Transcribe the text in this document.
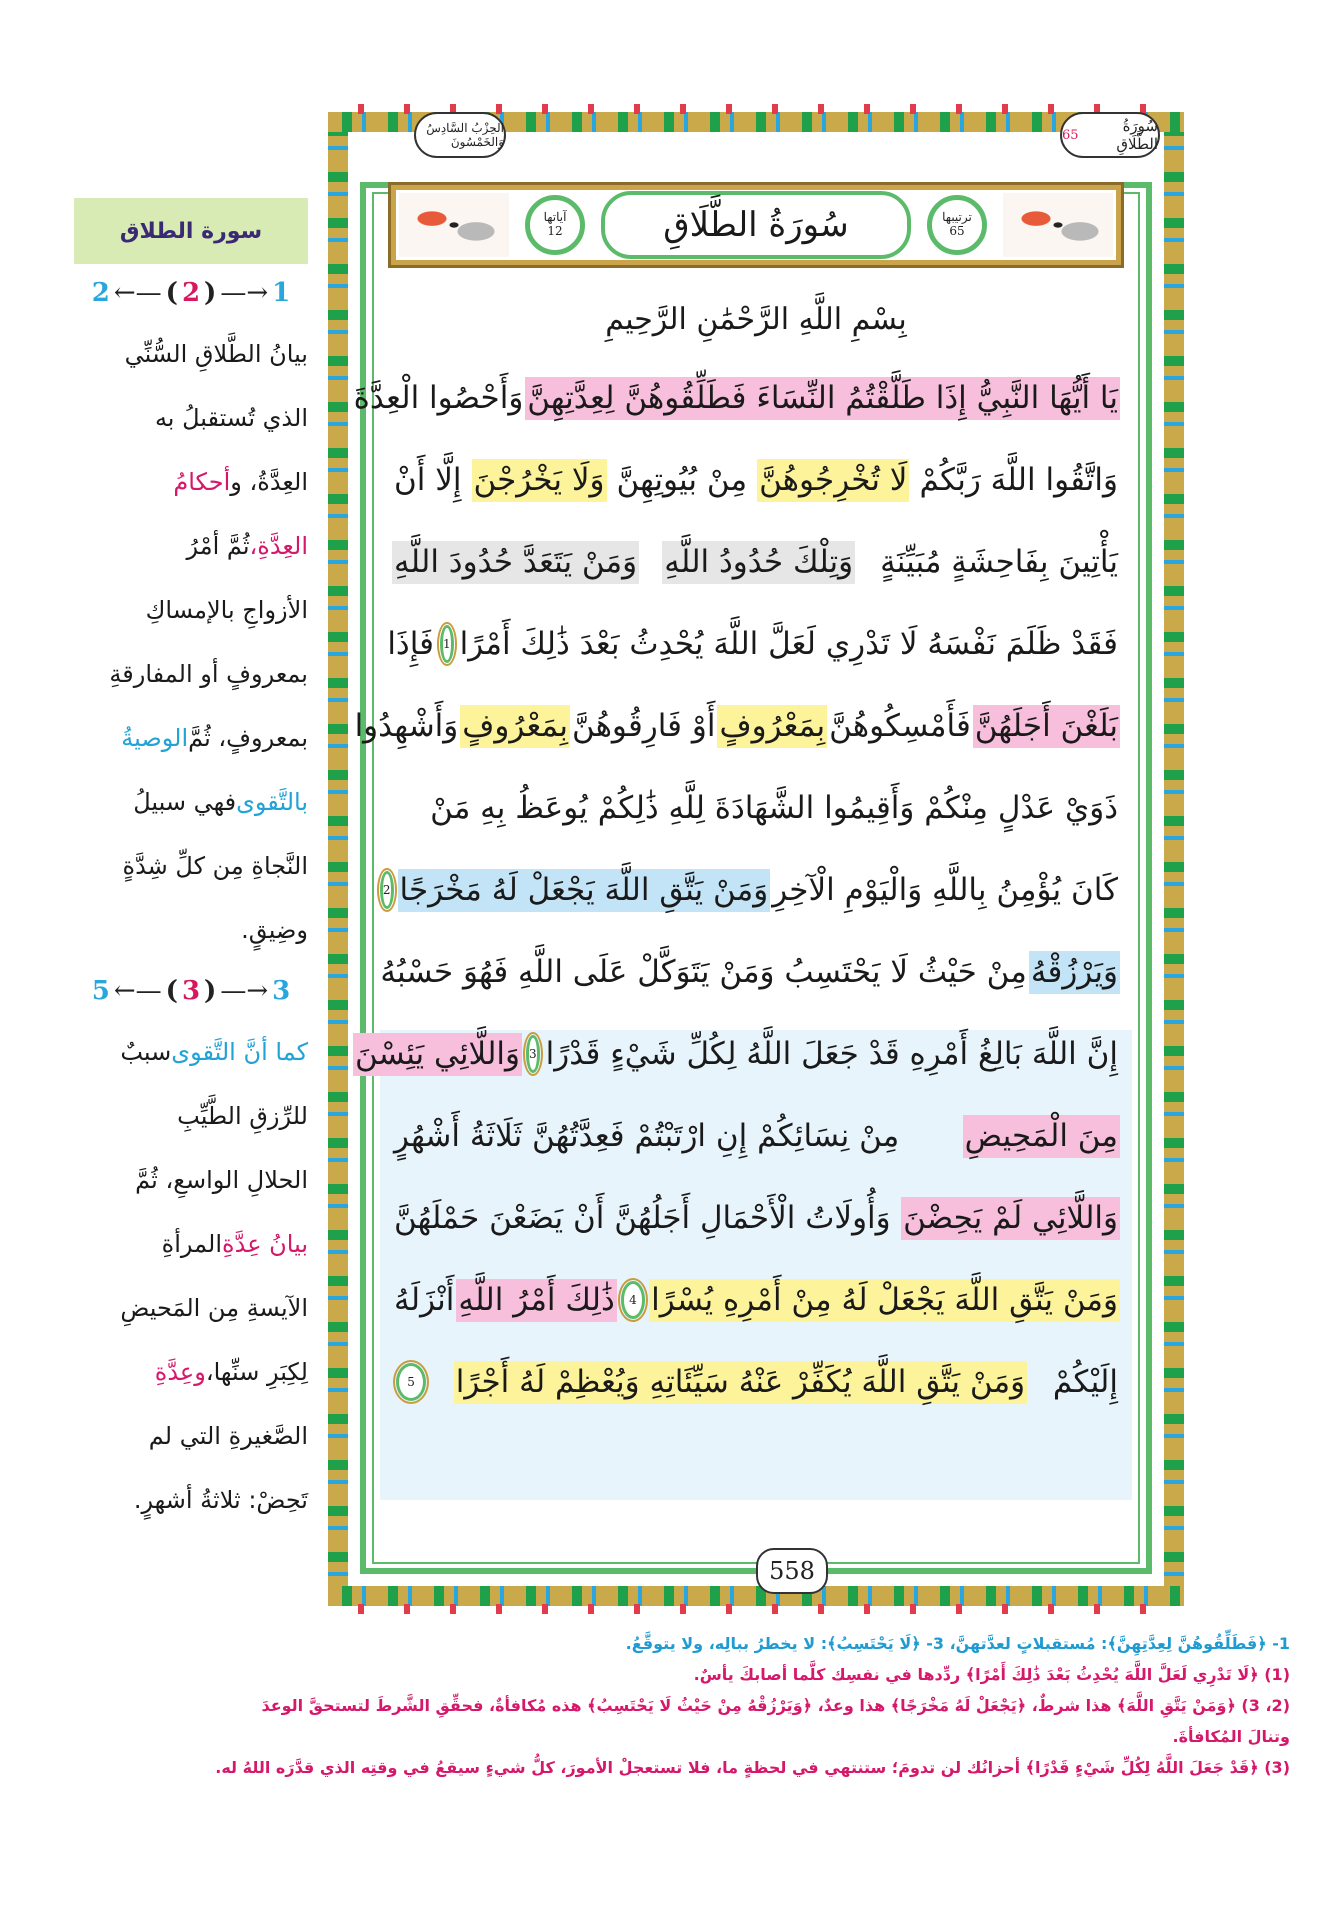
الحِزْبُ السَّادِسُ وَالخَمْسُونَ
سُورَةُ الطَّلَاقِ
65
آياتها
12	سُورَةُ الطَّلَاقِ	ترتيبها
65
بِسْمِ اللَّهِ الرَّحْمَٰنِ الرَّحِيمِ
يَا أَيُّهَا النَّبِيُّ إِذَا طَلَّقْتُمُ النِّسَاءَ فَطَلِّقُوهُنَّ لِعِدَّتِهِنَّ
وَأَحْصُوا الْعِدَّةَ
وَاتَّقُوا اللَّهَ رَبَّكُمْ
لَا تُخْرِجُوهُنَّ
مِنْ بُيُوتِهِنَّ
وَلَا يَخْرُجْنَ
إِلَّا أَنْ
يَأْتِينَ بِفَاحِشَةٍ مُبَيِّنَةٍ
وَتِلْكَ حُدُودُ اللَّهِ
وَمَنْ يَتَعَدَّ حُدُودَ اللَّهِ
فَقَدْ ظَلَمَ نَفْسَهُ لَا تَدْرِي لَعَلَّ اللَّهَ يُحْدِثُ بَعْدَ ذَٰلِكَ أَمْرًا
1
فَإِذَا
بَلَغْنَ أَجَلَهُنَّ
فَأَمْسِكُوهُنَّ
بِمَعْرُوفٍ
أَوْ فَارِقُوهُنَّ
بِمَعْرُوفٍ
وَأَشْهِدُوا
ذَوَيْ عَدْلٍ مِنْكُمْ وَأَقِيمُوا الشَّهَادَةَ لِلَّهِ ذَٰلِكُمْ يُوعَظُ بِهِ مَنْ
كَانَ يُؤْمِنُ بِاللَّهِ وَالْيَوْمِ الْآخِرِ
وَمَنْ يَتَّقِ اللَّهَ يَجْعَلْ لَهُ مَخْرَجًا
2
وَيَرْزُقْهُ
مِنْ حَيْثُ لَا يَحْتَسِبُ وَمَنْ يَتَوَكَّلْ عَلَى اللَّهِ فَهُوَ حَسْبُهُ
إِنَّ اللَّهَ بَالِغُ أَمْرِهِ قَدْ جَعَلَ اللَّهُ لِكُلِّ شَيْءٍ قَدْرًا
3
وَاللَّائِي يَئِسْنَ
مِنَ الْمَحِيضِ
مِنْ نِسَائِكُمْ إِنِ ارْتَبْتُمْ فَعِدَّتُهُنَّ ثَلَاثَةُ أَشْهُرٍ
وَاللَّائِي لَمْ يَحِضْنَ
وَأُولَاتُ الْأَحْمَالِ أَجَلُهُنَّ أَنْ يَضَعْنَ حَمْلَهُنَّ
وَمَنْ يَتَّقِ اللَّهَ يَجْعَلْ لَهُ مِنْ أَمْرِهِ يُسْرًا
4
ذَٰلِكَ أَمْرُ اللَّهِ
أَنْزَلَهُ
إِلَيْكُمْ
وَمَنْ يَتَّقِ اللَّهَ يُكَفِّرْ عَنْهُ سَيِّئَاتِهِ وَيُعْظِمْ لَهُ أَجْرًا
5
558
سورة الطلاق
2 ←— ( 2 ) —→ 1
بيانُ الطَّلاقِ السُّنِّي
الذي تُستقبلُ به
العِدَّةُ، و
أحكامُ
العِدَّةِ،
ثُمَّ أمْرُ
الأزواجِ بالإمساكِ
بمعروفٍ أو المفارقةِ
بمعروفٍ، ثُمَّ
الوصيةُ
بالتَّقوى
فهي سبيلُ
النَّجاةِ مِن كلِّ شِدَّةٍ
وضِيقٍ.
5 ←— ( 3 ) —→ 3
كما أنَّ التَّقوى
سببٌ
للرِّزقِ الطَّيِّبِ
الحلالِ الواسعِ، ثُمَّ
بيانُ عِدَّةِ
المرأةِ
الآيسةِ مِن المَحيضِ
لِكِبَرِ سنِّها،
وعِدَّةِ
الصَّغيرةِ التي لم
تَحِضْ: ثلاثةُ أشهرٍ.
1- ﴿فَطَلِّقُوهُنَّ لِعِدَّتِهِنَّ﴾: مُستقبلاتٍ لعدَّتهنَّ، 3- ﴿لَا يَحْتَسِبُ﴾: لا يخطرُ ببالِه، ولا يتوقَّعُ.
(1) ﴿لَا تَدْرِي لَعَلَّ اللَّهَ يُحْدِثُ بَعْدَ ذَٰلِكَ أَمْرًا﴾ ردِّدها في نفسِك كلَّما أصابكَ يأسٌ.
(2، 3) ﴿وَمَنْ يَتَّقِ اللَّهَ﴾ هذا شرطٌ، ﴿يَجْعَلْ لَهُ مَخْرَجًا﴾ هذا وعدٌ، ﴿وَيَرْزُقْهُ مِنْ حَيْثُ لَا يَحْتَسِبُ﴾ هذه مُكافأةٌ، فحقِّقِ الشَّرطَ لتستحقَّ الوعدَ
وتنالَ المُكافأةَ.
(3) ﴿قَدْ جَعَلَ اللَّهُ لِكُلِّ شَيْءٍ قَدْرًا﴾ أحزانُك لن تدومَ؛ ستنتهي في لحظةٍ ما، فلا تستعجلْ الأمورَ، كلُّ شيءٍ سيقعُ في وقتِه الذي قدَّرَه اللهُ له.
